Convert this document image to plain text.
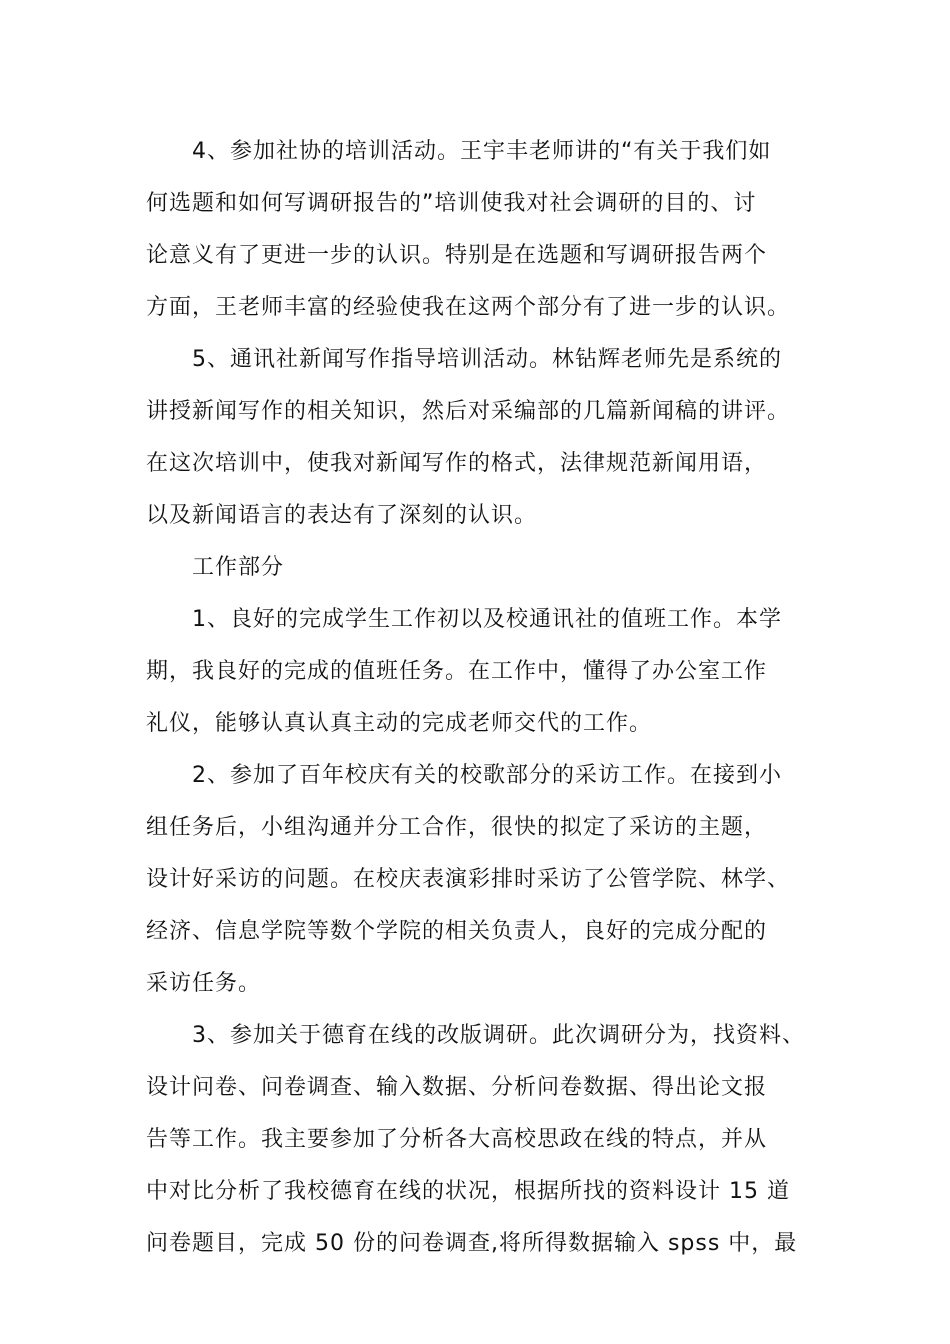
4、参加社协的培训活动。王宇丰老师讲的“有关于我们如
何选题和如何写调研报告的”培训使我对社会调研的目的、讨
论意义有了更进一步的认识。特别是在选题和写调研报告两个
方面，王老师丰富的经验使我在这两个部分有了进一步的认识。
5、通讯社新闻写作指导培训活动。林钻辉老师先是系统的
讲授新闻写作的相关知识，然后对采编部的几篇新闻稿的讲评。
在这次培训中，使我对新闻写作的格式，法律规范新闻用语，
以及新闻语言的表达有了深刻的认识。
工作部分
1、良好的完成学生工作初以及校通讯社的值班工作。本学
期，我良好的完成的值班任务。在工作中，懂得了办公室工作
礼仪，能够认真认真主动的完成老师交代的工作。
2、参加了百年校庆有关的校歌部分的采访工作。在接到小
组任务后，小组沟通并分工合作，很快的拟定了采访的主题，
设计好采访的问题。在校庆表演彩排时采访了公管学院、林学、
经济、信息学院等数个学院的相关负责人，良好的完成分配的
采访任务。
3、参加关于德育在线的改版调研。此次调研分为，找资料、
设计问卷、问卷调查、输入数据、分析问卷数据、得出论文报
告等工作。我主要参加了分析各大高校思政在线的特点，并从
中对比分析了我校德育在线的状况，根据所找的资料设计 15 道
问卷题目，完成 50 份的问卷调查,将所得数据输入 spss 中，最
